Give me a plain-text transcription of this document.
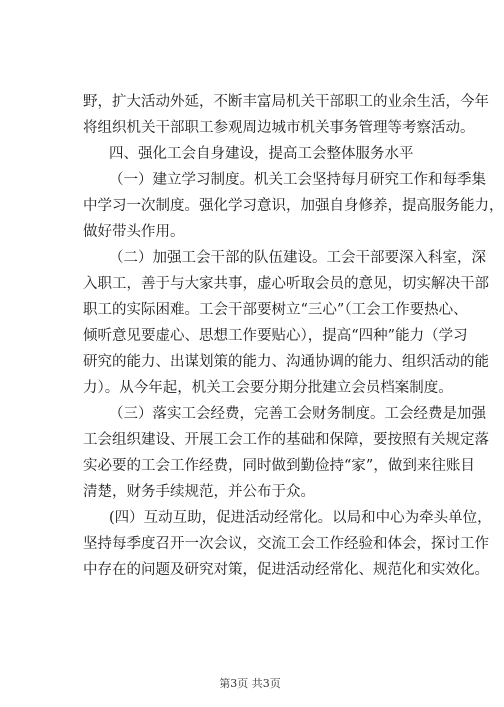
野，扩大活动外延，不断丰富局机关干部职工的业余生活，今年
将组织机关干部职工参观周边城市机关事务管理等考察活动。
四、强化工会自身建设，提高工会整体服务水平
（一）建立学习制度。机关工会坚持每月研究工作和每季集
中学习一次制度。强化学习意识，加强自身修养，提高服务能力，
做好带头作用。
（二）加强工会干部的队伍建设。工会干部要深入科室，深
入职工，善于与大家共事，虚心听取会员的意见，切实解决干部
职工的实际困难。工会干部要树立“三心”（工会工作要热心、
倾听意见要虚心、思想工作要贴心），提高“四种”能力（学习
研究的能力、出谋划策的能力、沟通协调的能力、组织活动的能
力）。从今年起，机关工会要分期分批建立会员档案制度。
（三）落实工会经费，完善工会财务制度。工会经费是加强
工会组织建设、开展工会工作的基础和保障，要按照有关规定落
实必要的工会工作经费，同时做到勤俭持“家”，做到来往账目
清楚，财务手续规范，并公布于众。
(四）互动互助，促进活动经常化。以局和中心为牵头单位，
坚持每季度召开一次会议，交流工会工作经验和体会，探讨工作
中存在的问题及研究对策，促进活动经常化、规范化和实效化。
第3页 共3页
